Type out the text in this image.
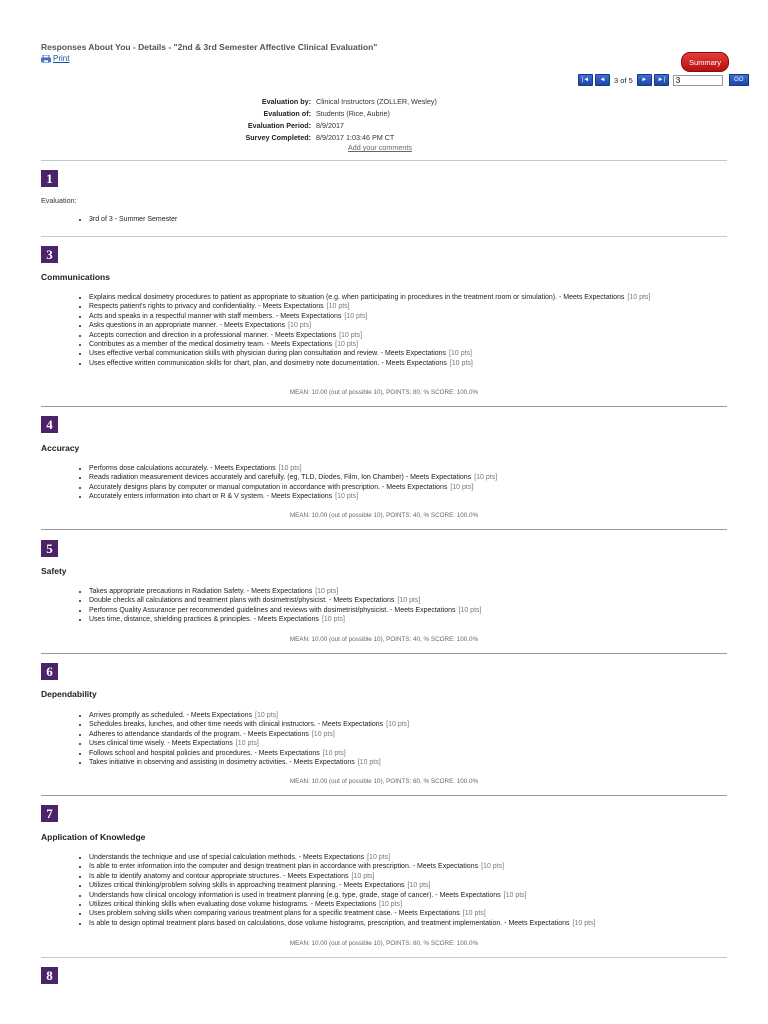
Responses About You - Details - "2nd & 3rd Semester Affective Clinical Evaluation"
Print	Summary
|◄	◄	3 of 5	►	►|
3	GO
Evaluation by: Clinical Instructors (ZOLLER, Wesley)
Evaluation of: Students (Rice, Aubrie)
Evaluation Period: 8/9/2017
Survey Completed: 8/9/2017 1:03:46 PM CT
Add your comments
1
Evaluation:
• 3rd of 3 - Summer Semester
3
Communications
• Explains medical dosimetry procedures to patient as appropriate to situation (e.g. when participating in procedures in the treatment room or simulation). - Meets Expectations [10 pts]
• Respects patient's rights to privacy and confidentiality. - Meets Expectations [10 pts]
• Acts and speaks in a respectful manner with staff members. - Meets Expectations [10 pts]
• Asks questions in an appropriate manner. - Meets Expectations [10 pts]
• Accepts correction and direction in a professional manner. - Meets Expectations [10 pts]
• Contributes as a member of the medical dosimetry team. - Meets Expectations [10 pts]
• Uses effective verbal communication skills with physician during plan consultation and review. - Meets Expectations [10 pts]
• Uses effective written communication skills for chart, plan, and dosimetry note documentation. - Meets Expectations [10 pts]
MEAN: 10.00 (out of possible 10), POINTS: 80, % SCORE: 100.0%
4
Accuracy
• Performs dose calculations accurately. - Meets Expectations [10 pts]
• Reads radiation measurement devices accurately and carefully. (eg, TLD, Diodes, Film, Ion Chamber) - Meets Expectations [10 pts]
• Accurately designs plans by computer or manual computation in accordance with prescription. - Meets Expectations [10 pts]
• Accurately enters information into chart or R & V system. - Meets Expectations [10 pts]
MEAN: 10.00 (out of possible 10), POINTS: 40, % SCORE: 100.0%
5
Safety
• Takes appropriate precautions in Radiation Safety. - Meets Expectations [10 pts]
• Double checks all calculations and treatment plans with dosimetrist/physicist. - Meets Expectations [10 pts]
• Performs Quality Assurance per recommended guidelines and reviews with dosimetrist/physicist. - Meets Expectations [10 pts]
• Uses time, distance, shielding practices & principles. - Meets Expectations [10 pts]
MEAN: 10.00 (out of possible 10), POINTS: 40, % SCORE: 100.0%
6
Dependability
• Arrives promptly as scheduled. - Meets Expectations [10 pts]
• Schedules breaks, lunches, and other time needs with clinical instructors. - Meets Expectations [10 pts]
• Adheres to attendance standards of the program. - Meets Expectations [10 pts]
• Uses clinical time wisely. - Meets Expectations [10 pts]
• Follows school and hospital policies and procedures. - Meets Expectations [10 pts]
• Takes initiative in observing and assisting in dosimetry activities. - Meets Expectations [10 pts]
MEAN: 10.00 (out of possible 10), POINTS: 60, % SCORE: 100.0%
7
Application of Knowledge
• Understands the technique and use of special calculation methods. - Meets Expectations [10 pts]
• Is able to enter information into the computer and design treatment plan in accordance with prescription. - Meets Expectations [10 pts]
• Is able to identify anatomy and contour appropriate structures. - Meets Expectations [10 pts]
• Utilizes critical thinking/problem solving skills in approaching treatment planning. - Meets Expectations [10 pts]
• Understands how clinical oncology information is used in treatment planning (e.g. type, grade, stage of cancer). - Meets Expectations [10 pts]
• Utilizes critical thinking skills when evaluating dose volume histograms. - Meets Expectations [10 pts]
• Uses problem solving skills when comparing various treatment plans for a specific treatment case. - Meets Expectations [10 pts]
• Is able to design optimal treatment plans based on calculations, dose volume histograms, prescription, and treatment implementation. - Meets Expectations [10 pts]
MEAN: 10.00 (out of possible 10), POINTS: 80, % SCORE: 100.0%
8
